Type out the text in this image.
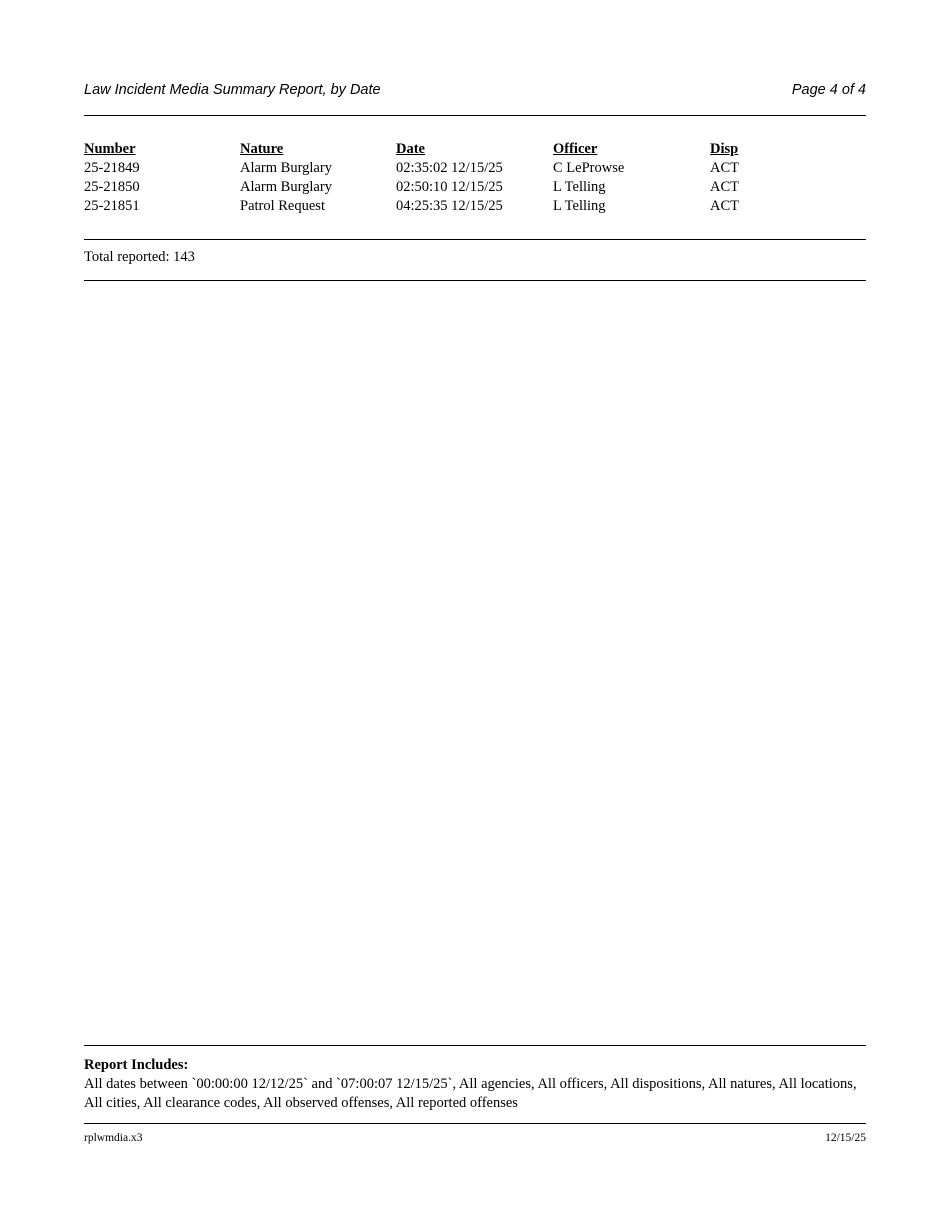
Law Incident Media Summary Report, by Date	Page 4 of 4
Number	Nature	Date	Officer	Disp
25-21849	Alarm Burglary	02:35:02 12/15/25	C LeProwse	ACT
25-21850	Alarm Burglary	02:50:10 12/15/25	L Telling	ACT
25-21851	Patrol Request	04:25:35 12/15/25	L Telling	ACT
Total reported: 143
Report Includes:
All dates between `00:00:00 12/12/25` and `07:00:07 12/15/25`, All agencies, All officers, All dispositions, All natures, All locations, All cities, All clearance codes, All observed offenses, All reported offenses
rplwmdia.x3	12/15/25
